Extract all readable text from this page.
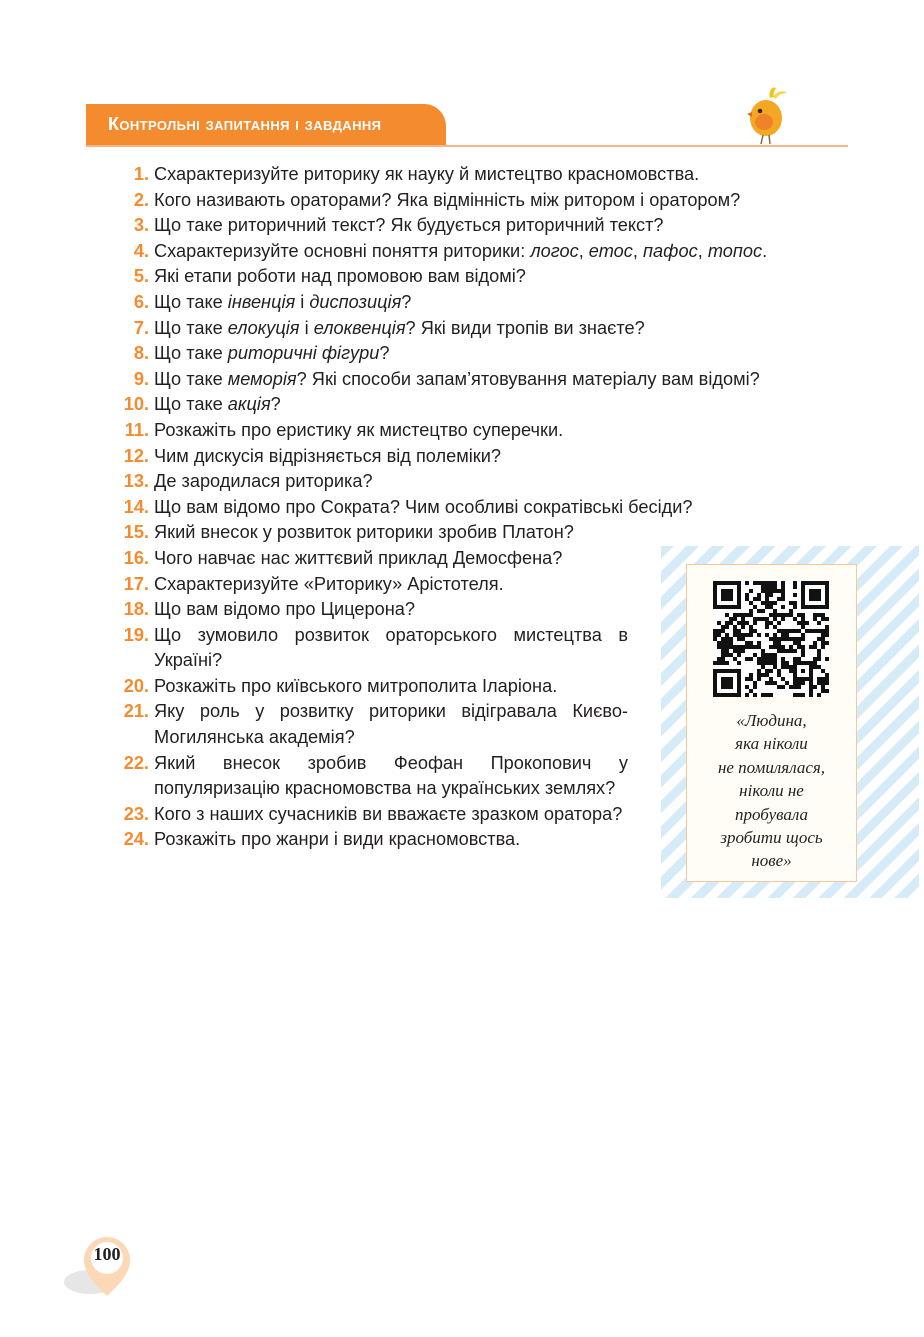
Контрольні запитання і завдання
1. Схарактеризуйте риторику як науку й мистецтво красномовства.
2. Кого називають ораторами? Яка відмінність між ритором і оратором?
3. Що таке риторичний текст? Як будується риторичний текст?
4. Схарактеризуйте основні поняття риторики: логос, етос, пафос, топос.
5. Які етапи роботи над промовою вам відомі?
6. Що таке інвенція і диспозиція?
7. Що таке елокуція і елоквенція? Які види тропів ви знаєте?
8. Що таке риторичні фігури?
9. Що таке меморія? Які способи запам’ятовування матеріалу вам відомі?
10. Що таке акція?
11. Розкажіть про еристику як мистецтво суперечки.
12. Чим дискусія відрізняється від полеміки?
13. Де зародилася риторика?
14. Що вам відомо про Сократа? Чим особливі сократівські бесіди?
15. Який внесок у розвиток риторики зробив Платон?
16. Чого навчає нас життєвий приклад Демосфена?
17. Схарактеризуйте «Риторику» Арістотеля.
18. Що вам відомо про Цицерона?
19. Що зумовило розвиток ораторського мистецтва в Україні?
20. Розкажіть про київського митрополита Іларіона.
21. Яку роль у розвитку риторики відігравала Києво-Могилянська академія?
22. Який внесок зробив Феофан Прокопович у популяризацію красномовства на українських землях?
23. Кого з наших сучасників ви вважаєте зразком оратора?
24. Розкажіть про жанри і види красномовства.
«Людина,
яка ніколи
не помилялася,
ніколи не
пробувала
зробити щось
нове»
100
